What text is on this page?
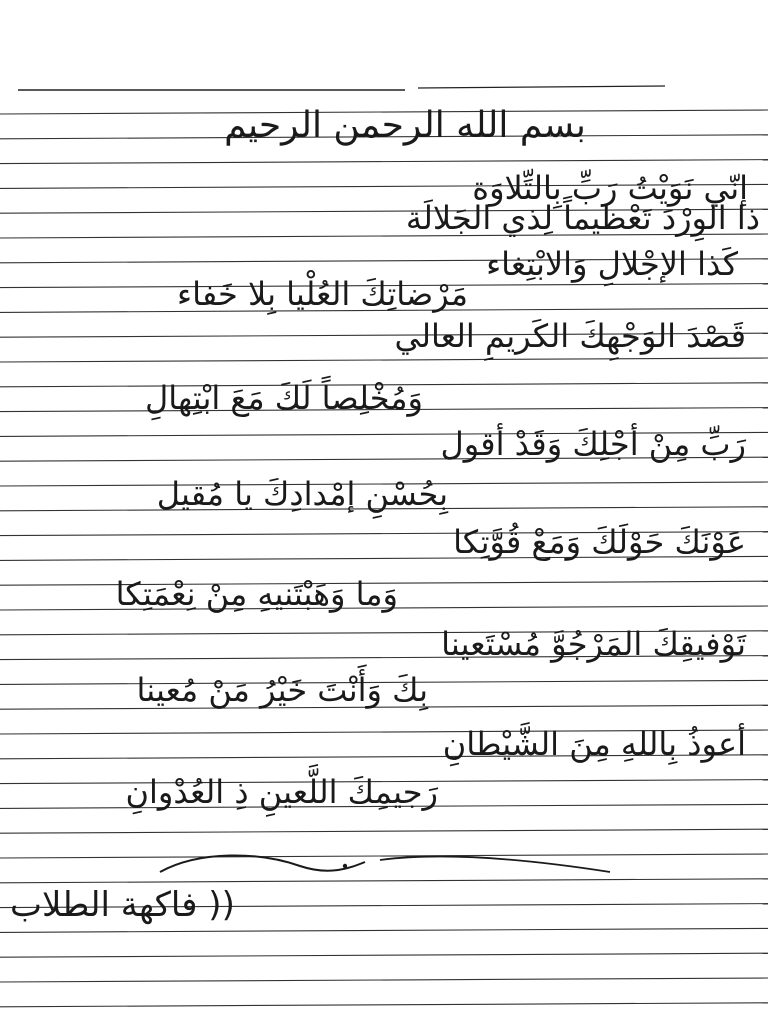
بسم الله الرحمن الرحيم
إنّي نَوَيْتُ رَبِّ بِالتِّلاوَة
ذا الوِرْدَ تَعْظيماً لِذي الجَلالَة
كَذا الإجْلالِ وَالابْتِغاء
مَرْضاتِكَ العُلْيا بِلا خَفاء
قَصْدَ الوَجْهِكَ الكَريمِ العالي
وَمُخْلِصاً لَكَ مَعَ ابْتِهالِ
رَبِّ مِنْ أجْلِكَ وَقَدْ أقول
بِحُسْنِ إمْدادِكَ يا مُقيل
عَوْنَكَ حَوْلَكَ وَمَعْ قُوَّتِكا
وَما وَهَبْتَنيهِ مِنْ نِعْمَتِكا
تَوْفيقِكَ المَرْجُوَّ مُسْتَعينا
بِكَ وَأَنْتَ خَيْرُ مَنْ مُعينا
أعوذُ بِاللهِ مِنَ الشَّيْطانِ
رَجيمِكَ اللَّعينِ ذِ العُدْوانِ
(( فاكهة الطلاب
